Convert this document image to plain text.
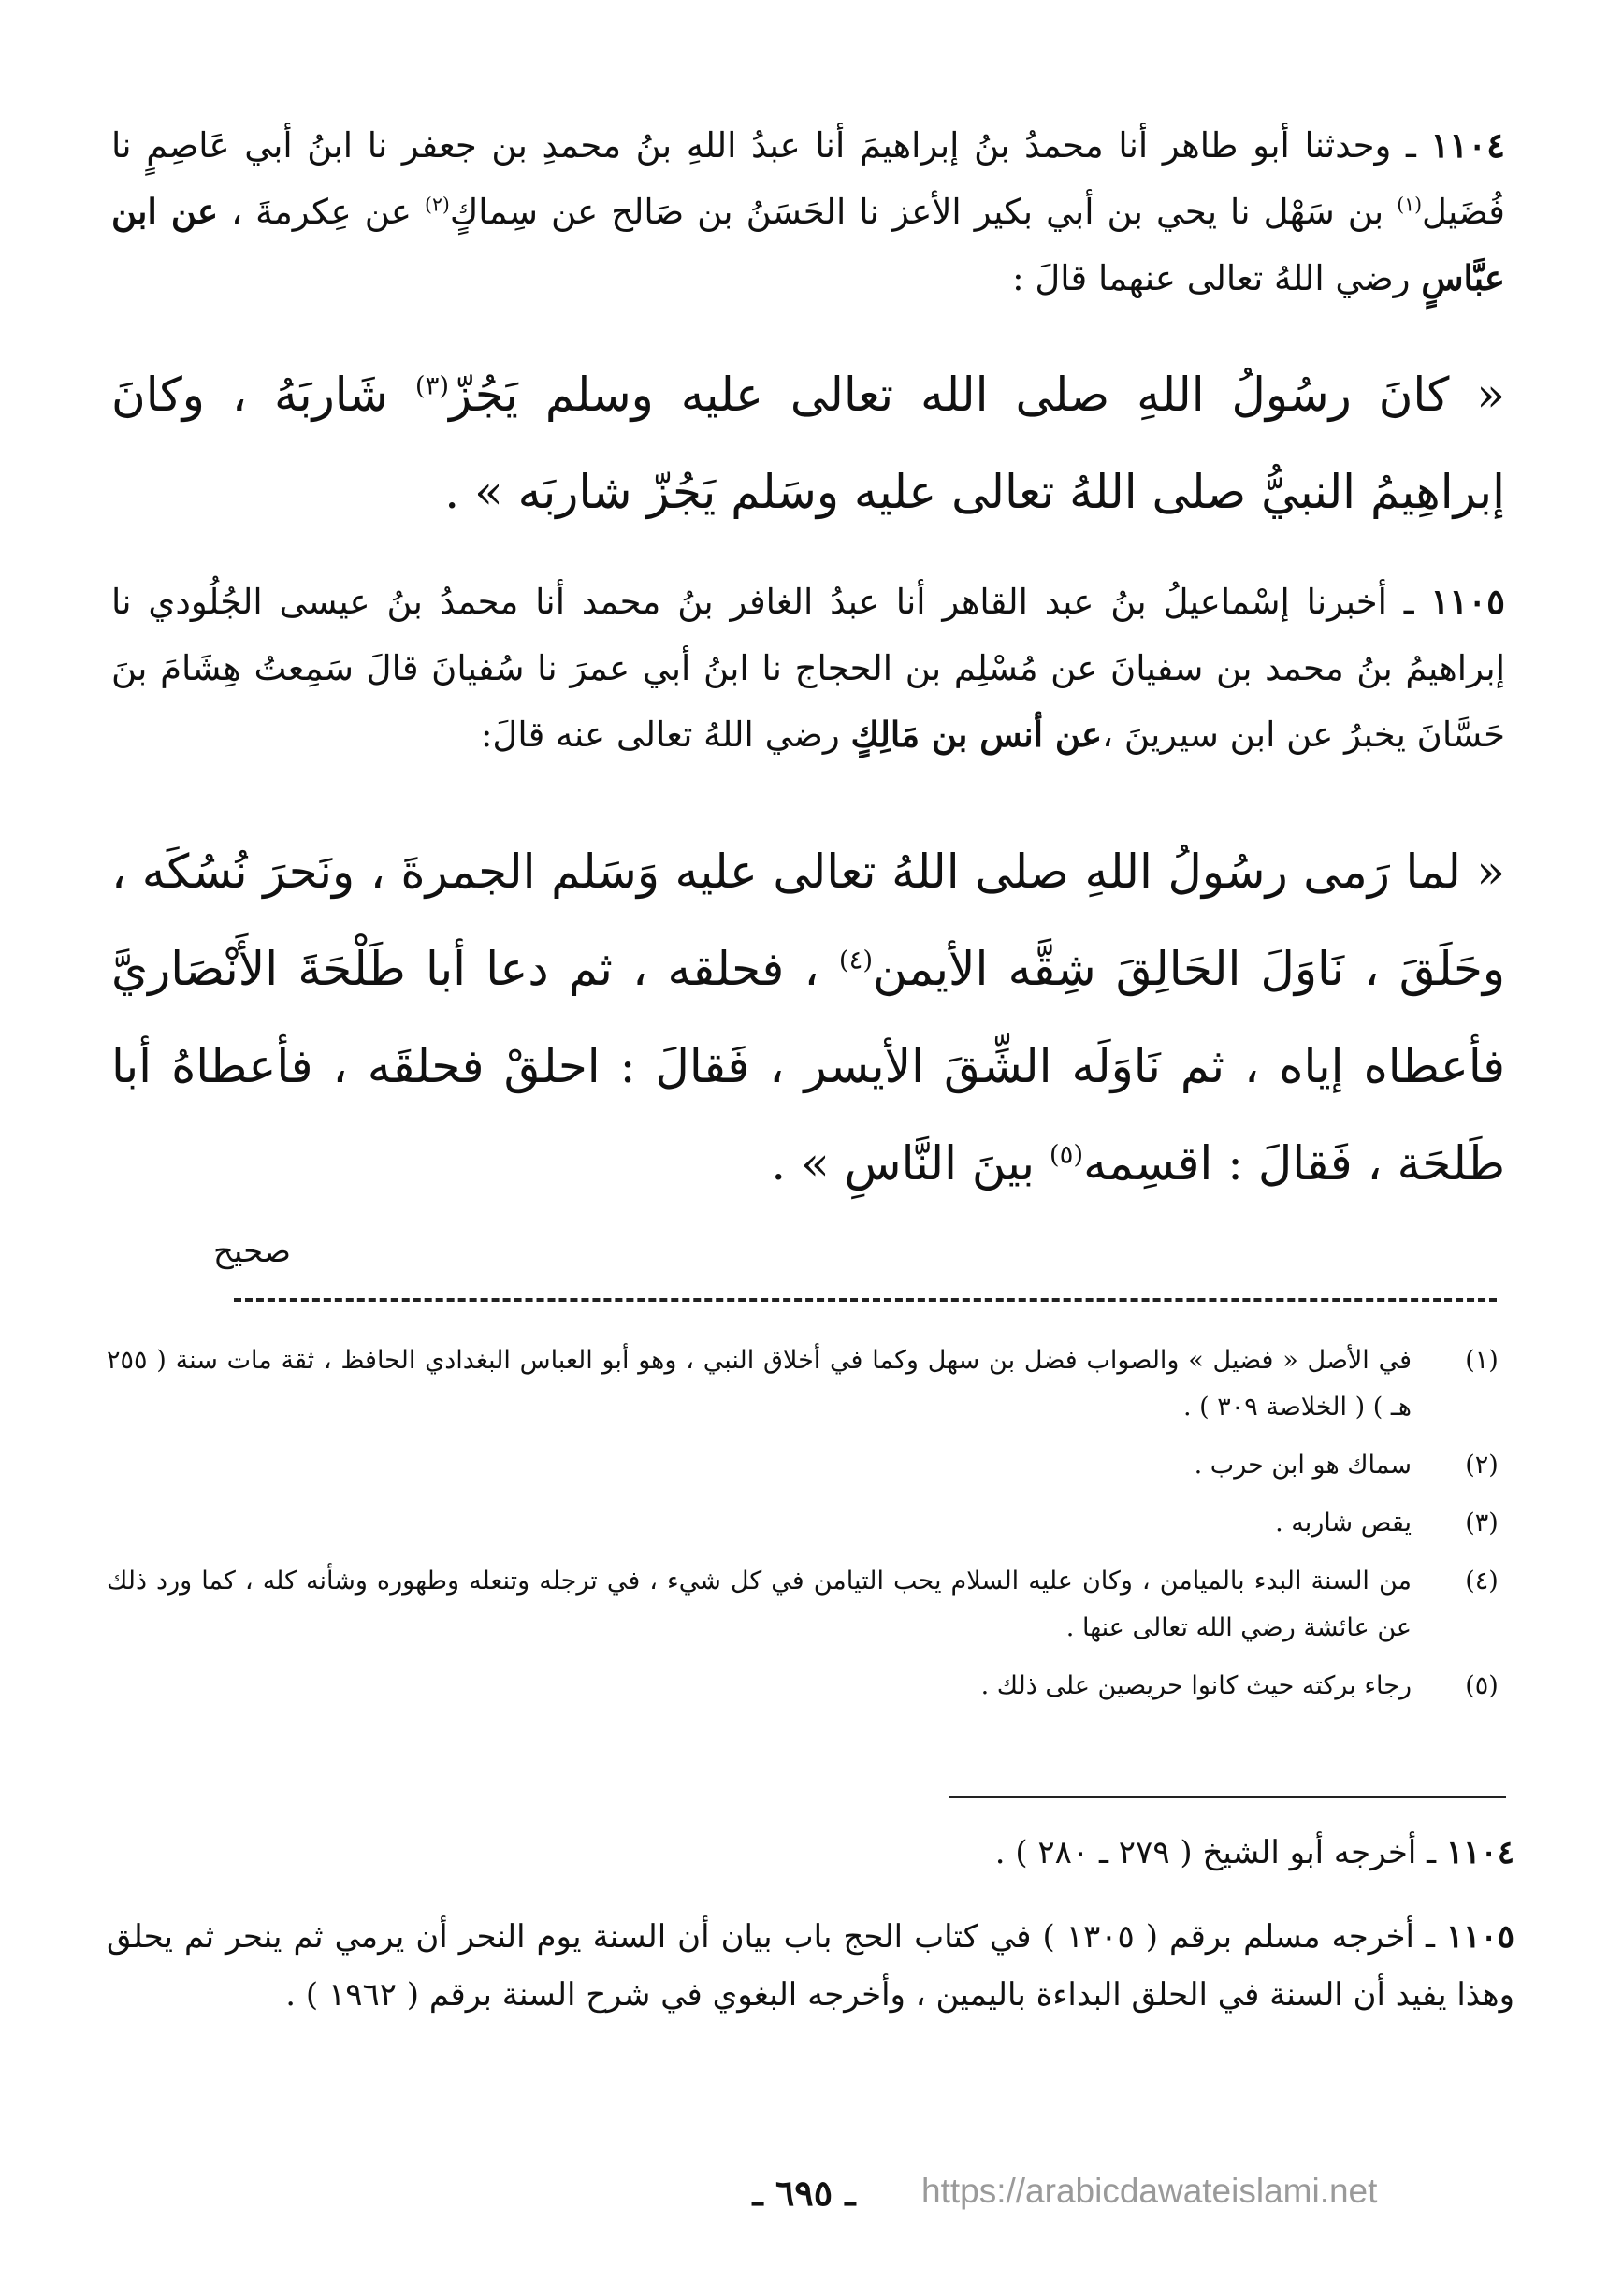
١١٠٤ ـ وحدثنا أبو طاهر أنا محمدُ بنُ إبراهيمَ أنا عبدُ اللهِ بنُ محمدِ بن جعفر نا ابنُ أبي عَاصِمٍ نا فُضَيل$^{(١)}$ بن سَهْل نا يحي بن أبي بكير الأعز نا الحَسَنُ بن صَالح عن سِماكٍ$^{(٢)}$ عن عِكرمةَ ، عن ابن عبَّاسٍ رضي اللهُ تعالى عنهما قالَ :
« كانَ رسُولُ اللهِ صلى الله تعالى عليه وسلم يَجُزّ$^{(٣)}$ شَاربَهُ ، وكانَ إبراهِيمُ النبيُّ صلى اللهُ تعالى عليه وسَلم يَجُزّ شاربَه » .
١١٠٥ ـ أخبرنا إسْماعيلُ بنُ عبد القاهر أنا عبدُ الغافر بنُ محمد أنا محمدُ بنُ عيسى الجُلُودي نا إبراهيمُ بنُ محمد بن سفيانَ عن مُسْلِم بن الحجاج نا ابنُ أبي عمرَ نا سُفيانَ قالَ سَمِعتُ هِشَامَ بنَ حَسَّانَ يخبرُ عن ابن سيرينَ ،عن أنس بن مَالِكٍ رضي اللهُ تعالى عنه قالَ:
« لما رَمى رسُولُ اللهِ صلى اللهُ تعالى عليه وَسَلم الجمرةَ ، ونَحرَ نُسُكَه ، وحَلَقَ ، نَاوَلَ الحَالِقَ شِقَّه الأيمن$^{(٤)}$ ، فحلقه ، ثم دعا أبا طَلْحَةَ الأَنْصَاريَّ فأعطاه إياه ، ثم نَاوَلَه الشِّقَ الأيسر ، فَقالَ : احلقْ فحلقَه ، فأعطاهُ أبا طَلحَة ، فَقالَ : اقسِمه$^{(٥)}$ بينَ النَّاسِ » .
صحيح
(١)
في الأصل « فضيل » والصواب فضل بن سهل وكما في أخلاق النبي ، وهو أبو العباس البغدادي الحافظ ، ثقة مات سنة ( ٢٥٥ هـ ) ( الخلاصة ٣٠٩ ) .
(٢)
سماك هو ابن حرب .
(٣)
يقص شاربه .
(٤)
من السنة البدء بالميامن ، وكان عليه السلام يحب التيامن في كل شيء ، في ترجله وتنعله وطهوره وشأنه كله ، كما ورد ذلك عن عائشة رضي الله تعالى عنها .
(٥)
رجاء بركته حيث كانوا حريصين على ذلك .
١١٠٤ ـ أخرجه أبو الشيخ ( ٢٧٩ ـ ٢٨٠ ) .
١١٠٥ ـ أخرجه مسلم برقم ( ١٣٠٥ ) في كتاب الحج باب بيان أن السنة يوم النحر أن يرمي ثم ينحر ثم يحلق وهذا يفيد أن السنة في الحلق البداءة باليمين ، وأخرجه البغوي في شرح السنة برقم ( ١٩٦٢ ) .
ـ ٦٩٥ ـ	https://arabicdawateislami.net
